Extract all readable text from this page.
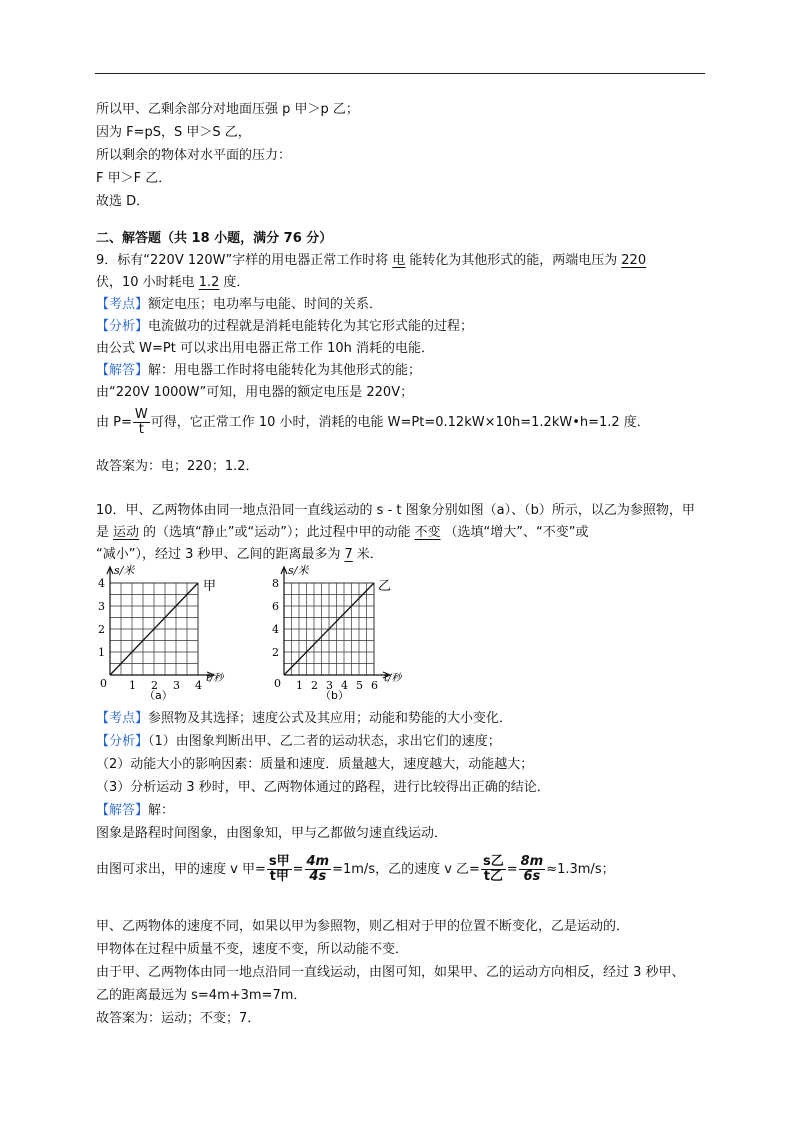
所以甲、乙剩余部分对地面压强 p 甲＞p 乙；
因为 F=pS，S 甲＞S 乙，
所以剩余的物体对水平面的压力：
F 甲＞F 乙．
故选 D．
二、解答题（共 18 小题，满分 76 分）
9．标有“220V 120W”字样的用电器正常工作时将 电 能转化为其他形式的能，两端电压为 220
伏，10 小时耗电 1.2 度．
【考点】额定电压；电功率与电能、时间的关系．
【分析】电流做功的过程就是消耗电能转化为其它形式能的过程；
由公式 W=Pt 可以求出用电器正常工作 10h 消耗的电能．
【解答】解：用电器工作时将电能转化为其他形式的能；
由“220V 1000W”可知，用电器的额定电压是 220V；
由 $P= \frac{W}{t}$ 可得，它正常工作 10 小时，消耗的电能 W=Pt=0.12kW×10h=1.2kW•h=1.2 度．
故答案为：电；220；1.2．
10．甲、乙两物体由同一地点沿同一直线运动的 s - t 图象分别如图（a）、（b）所示，以乙为参照物，甲
是 运动 的（选填“静止”或“运动”）；此过程中甲的动能 不变 （选填“增大”、“不变”或
“减小”），经过 3 秒甲、乙间的距离最多为 7 米．
s/米
t/秒
甲
0
（a）
1
2
3
4
1 2 3 4
s/米
t/秒
乙
0
（b）
2
4
6
8
1 2 3 4 5 6
【考点】参照物及其选择；速度公式及其应用；动能和势能的大小变化．
【分析】（1）由图象判断出甲、乙二者的运动状态，求出它们的速度；
（2）动能大小的影响因素：质量和速度．质量越大，速度越大，动能越大；
（3）分析运动 3 秒时，甲、乙两物体通过的路程，进行比较得出正确的结论．
【解答】解：
图象是路程时间图象，由图象知，甲与乙都做匀速直线运动．
由图可求出，甲的速度 v 甲= $\frac{\text{s甲}}{\text{t甲}} = \frac{4m}{4s} =1m/s$，乙的速度 v 乙= $\frac{\text{s乙}}{\text{t乙}} = \frac{8m}{6s} \approx 1.3m/s$；
甲、乙两物体的速度不同，如果以甲为参照物，则乙相对于甲的位置不断变化，乙是运动的．
甲物体在过程中质量不变，速度不变，所以动能不变．
由于甲、乙两物体由同一地点沿同一直线运动，由图可知，如果甲、乙的运动方向相反，经过 3 秒甲、
乙的距离最远为 s=4m+3m=7m．
故答案为：运动；不变；7．
